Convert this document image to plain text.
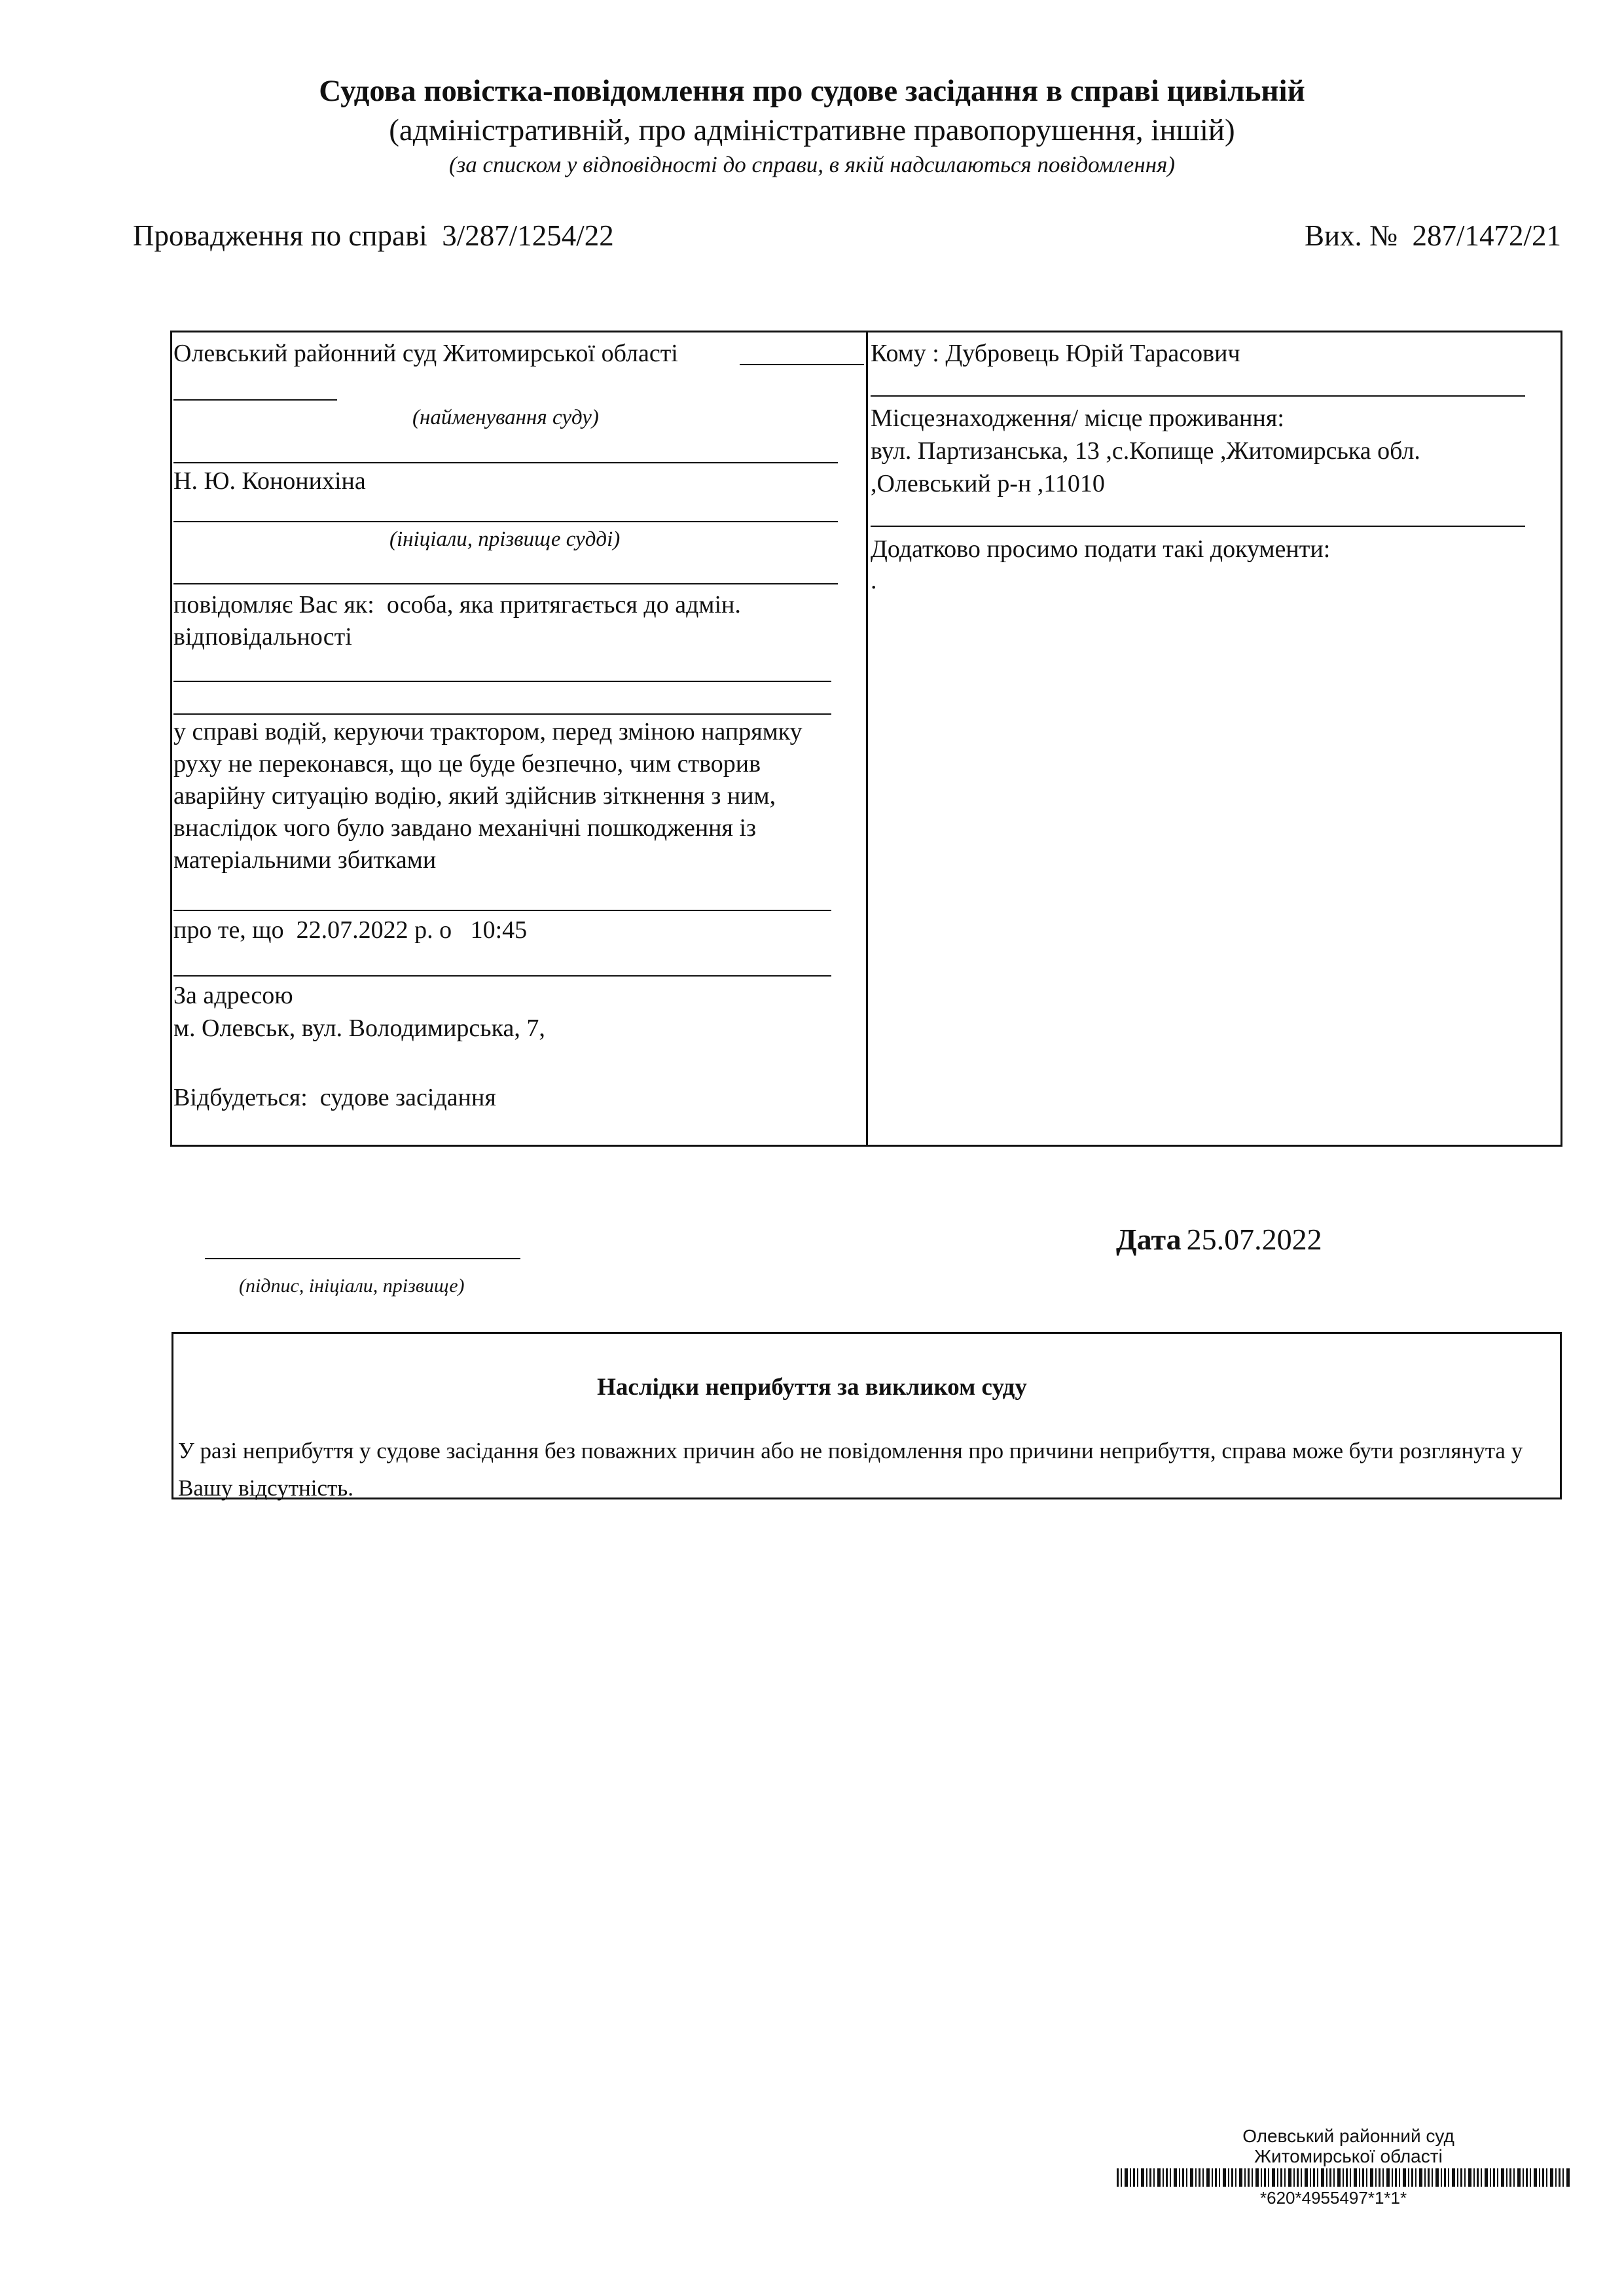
Судова повістка-повідомлення про судове засідання в справі цивільній
(адміністративній, про адміністративне правопорушення, іншій)
(за списком у відповідності до справи, в якій надсилаються повідомлення)
Провадження по справі 3/287/1254/22	Вих. № 287/1472/21
Олевський районний суд Житомирської області
(найменування суду)
Н. Ю. Кононихіна
(ініціали, прізвище судді)
повідомляє Вас як: особа, яка притягається до адмін. відповідальності
у справі водій, керуючи трактором, перед зміною напрямку руху не переконався, що це буде безпечно, чим створив аварійну ситуацію водію, який здійснив зіткнення з ним, внаслідок чого було завдано механічні пошкодження із матеріальними збитками
про те, що 22.07.2022 р. о 10:45
За адресою
м. Олевськ, вул. Володимирська, 7,
Відбудеться: судове засідання
Кому : Дубровець Юрій Тарасович
Місцезнаходження/ місце проживання:
вул. Партизанська, 13 ,с.Копище ,Житомирська обл.
,Олевський р-н ,11010
Додатково просимо подати такі документи:
.
(підпис, ініціали, прізвище)
Дата 25.07.2022
Наслідки неприбуття за викликом суду
У разі неприбуття у судове засідання без поважних причин або не повідомлення про причини неприбуття, справа може бути розглянута у Вашу відсутність.
Олевський районний суд
Житомирської області
*620*4955497*1*1*
